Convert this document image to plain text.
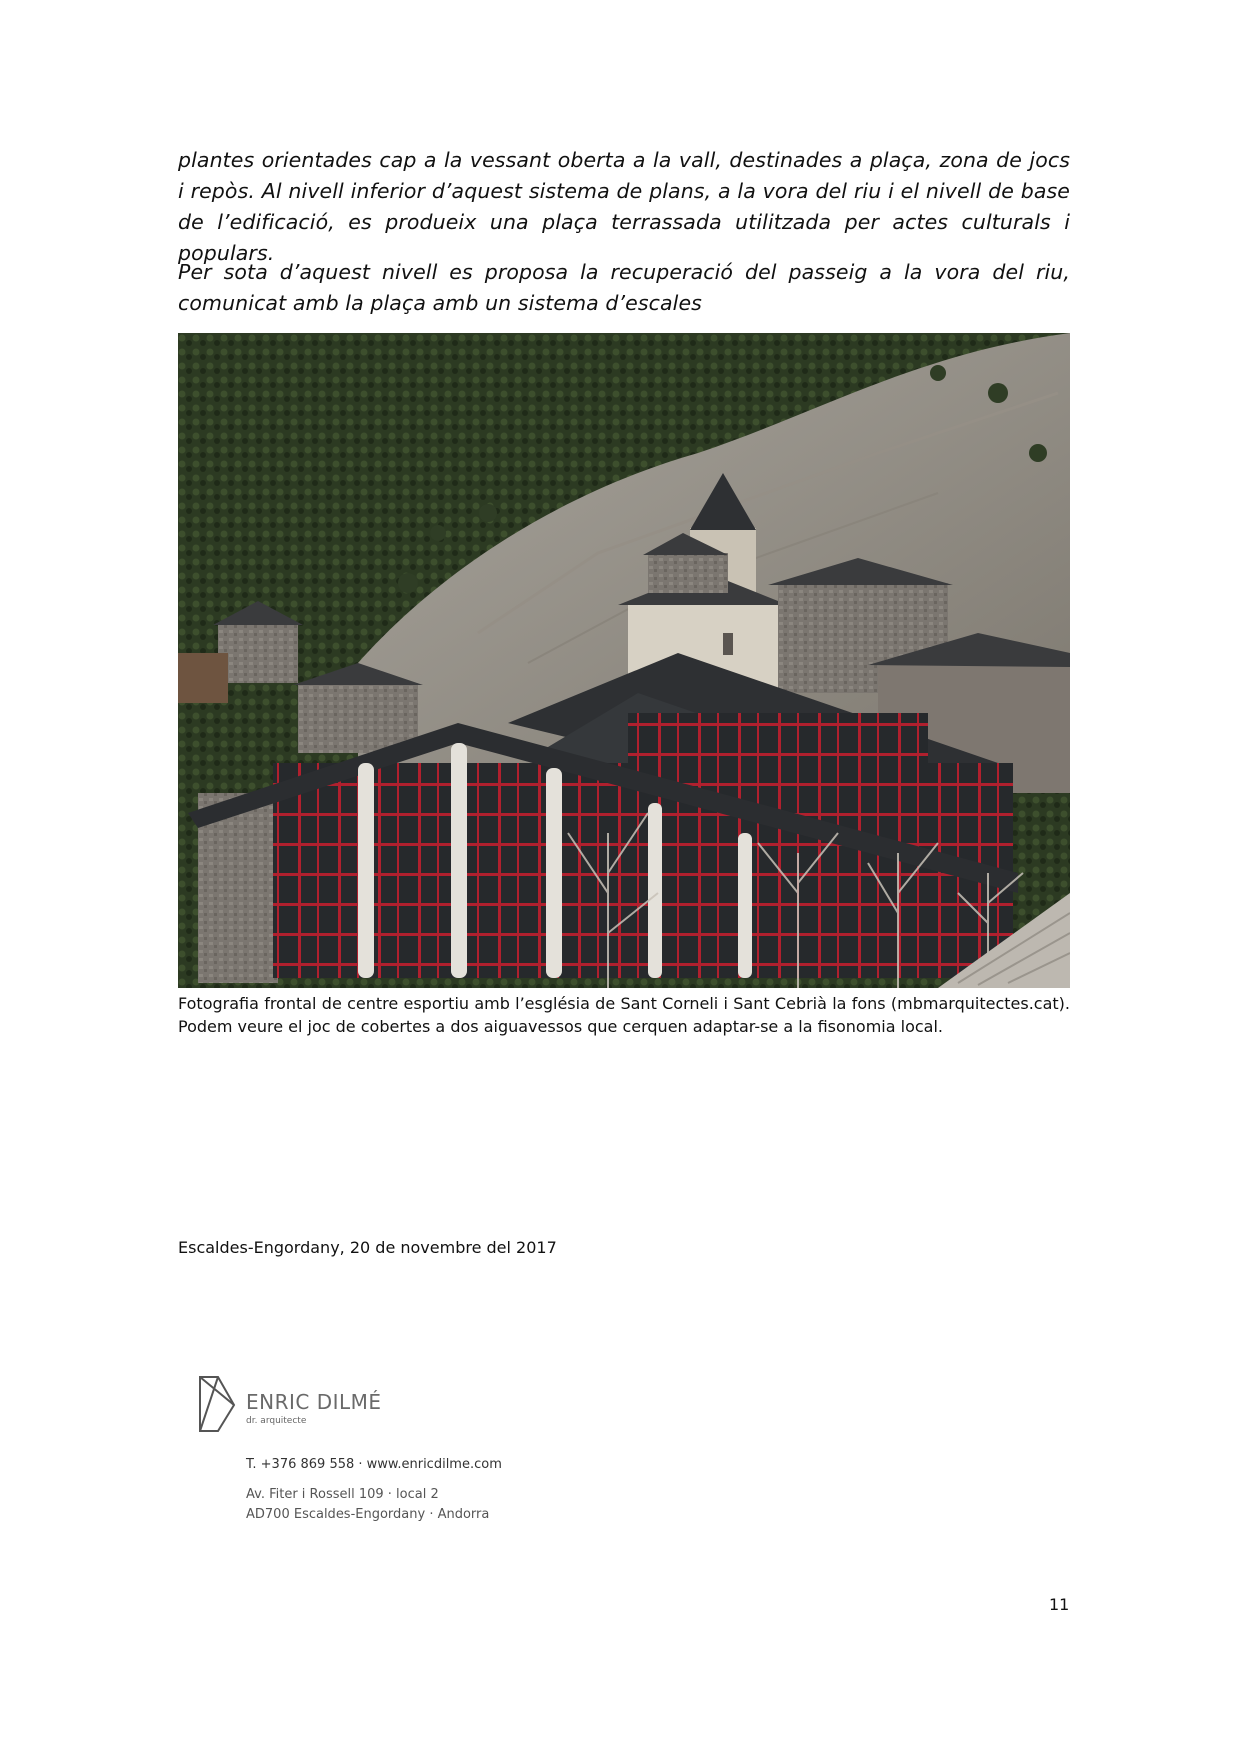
plantes orientades cap a la vessant oberta a la vall, destinades a plaça, zona de jocs i repòs. Al nivell inferior d’aquest sistema de plans, a la vora del riu i el nivell de base de l’edificació, es produeix una plaça terrassada utilitzada per actes culturals i populars.

Per sota d’aquest nivell es proposa la recuperació del passeig a la vora del riu, comunicat amb la plaça amb un sistema d’escales

Fotografia frontal de centre esportiu amb l’església de Sant Corneli i Sant Cebrià la fons (mbmarquitectes.cat). Podem veure el joc de cobertes a dos aiguavessos que cerquen adaptar-se a la fisonomia local.

Escaldes-Engordany, 20 de novembre del 2017

ENRIC DILMÉ
dr. arquitecte

T. +376 869 558 · www.enricdilme.com

Av. Fiter i Rossell 109 · local 2

AD700 Escaldes-Engordany · Andorra

11
